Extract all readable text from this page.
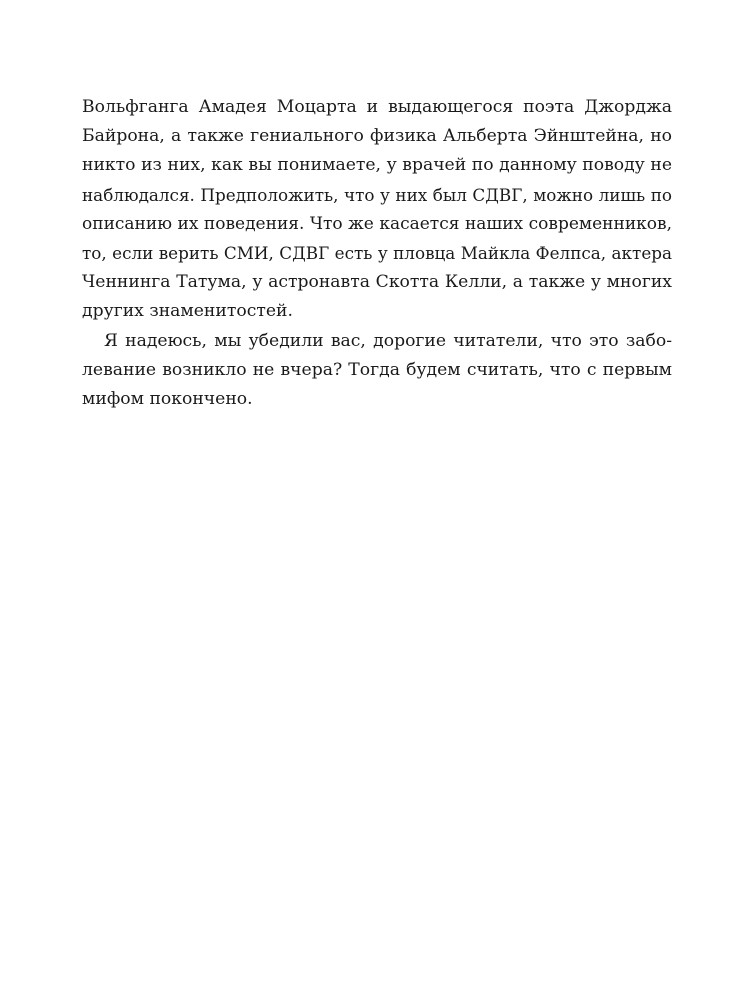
Вольфганга Амадея Моцарта и выдающегося поэта Джорджа
Байрона, а также гениального физика Альберта Эйнштейна, но
никто из них, как вы понимаете, у врачей по данному поводу не
наблюдался. Предположить, что у них был СДВГ, можно лишь по
описанию их поведения. Что же касается наших современников,
то, если верить СМИ, СДВГ есть у пловца Майкла Фелпса, актера
Ченнинга Татума, у астронавта Скотта Келли, а также у многих
других знаменитостей.
Я надеюсь, мы убедили вас, дорогие читатели, что это забо-
левание возникло не вчера? Тогда будем считать, что с первым
мифом покончено.
